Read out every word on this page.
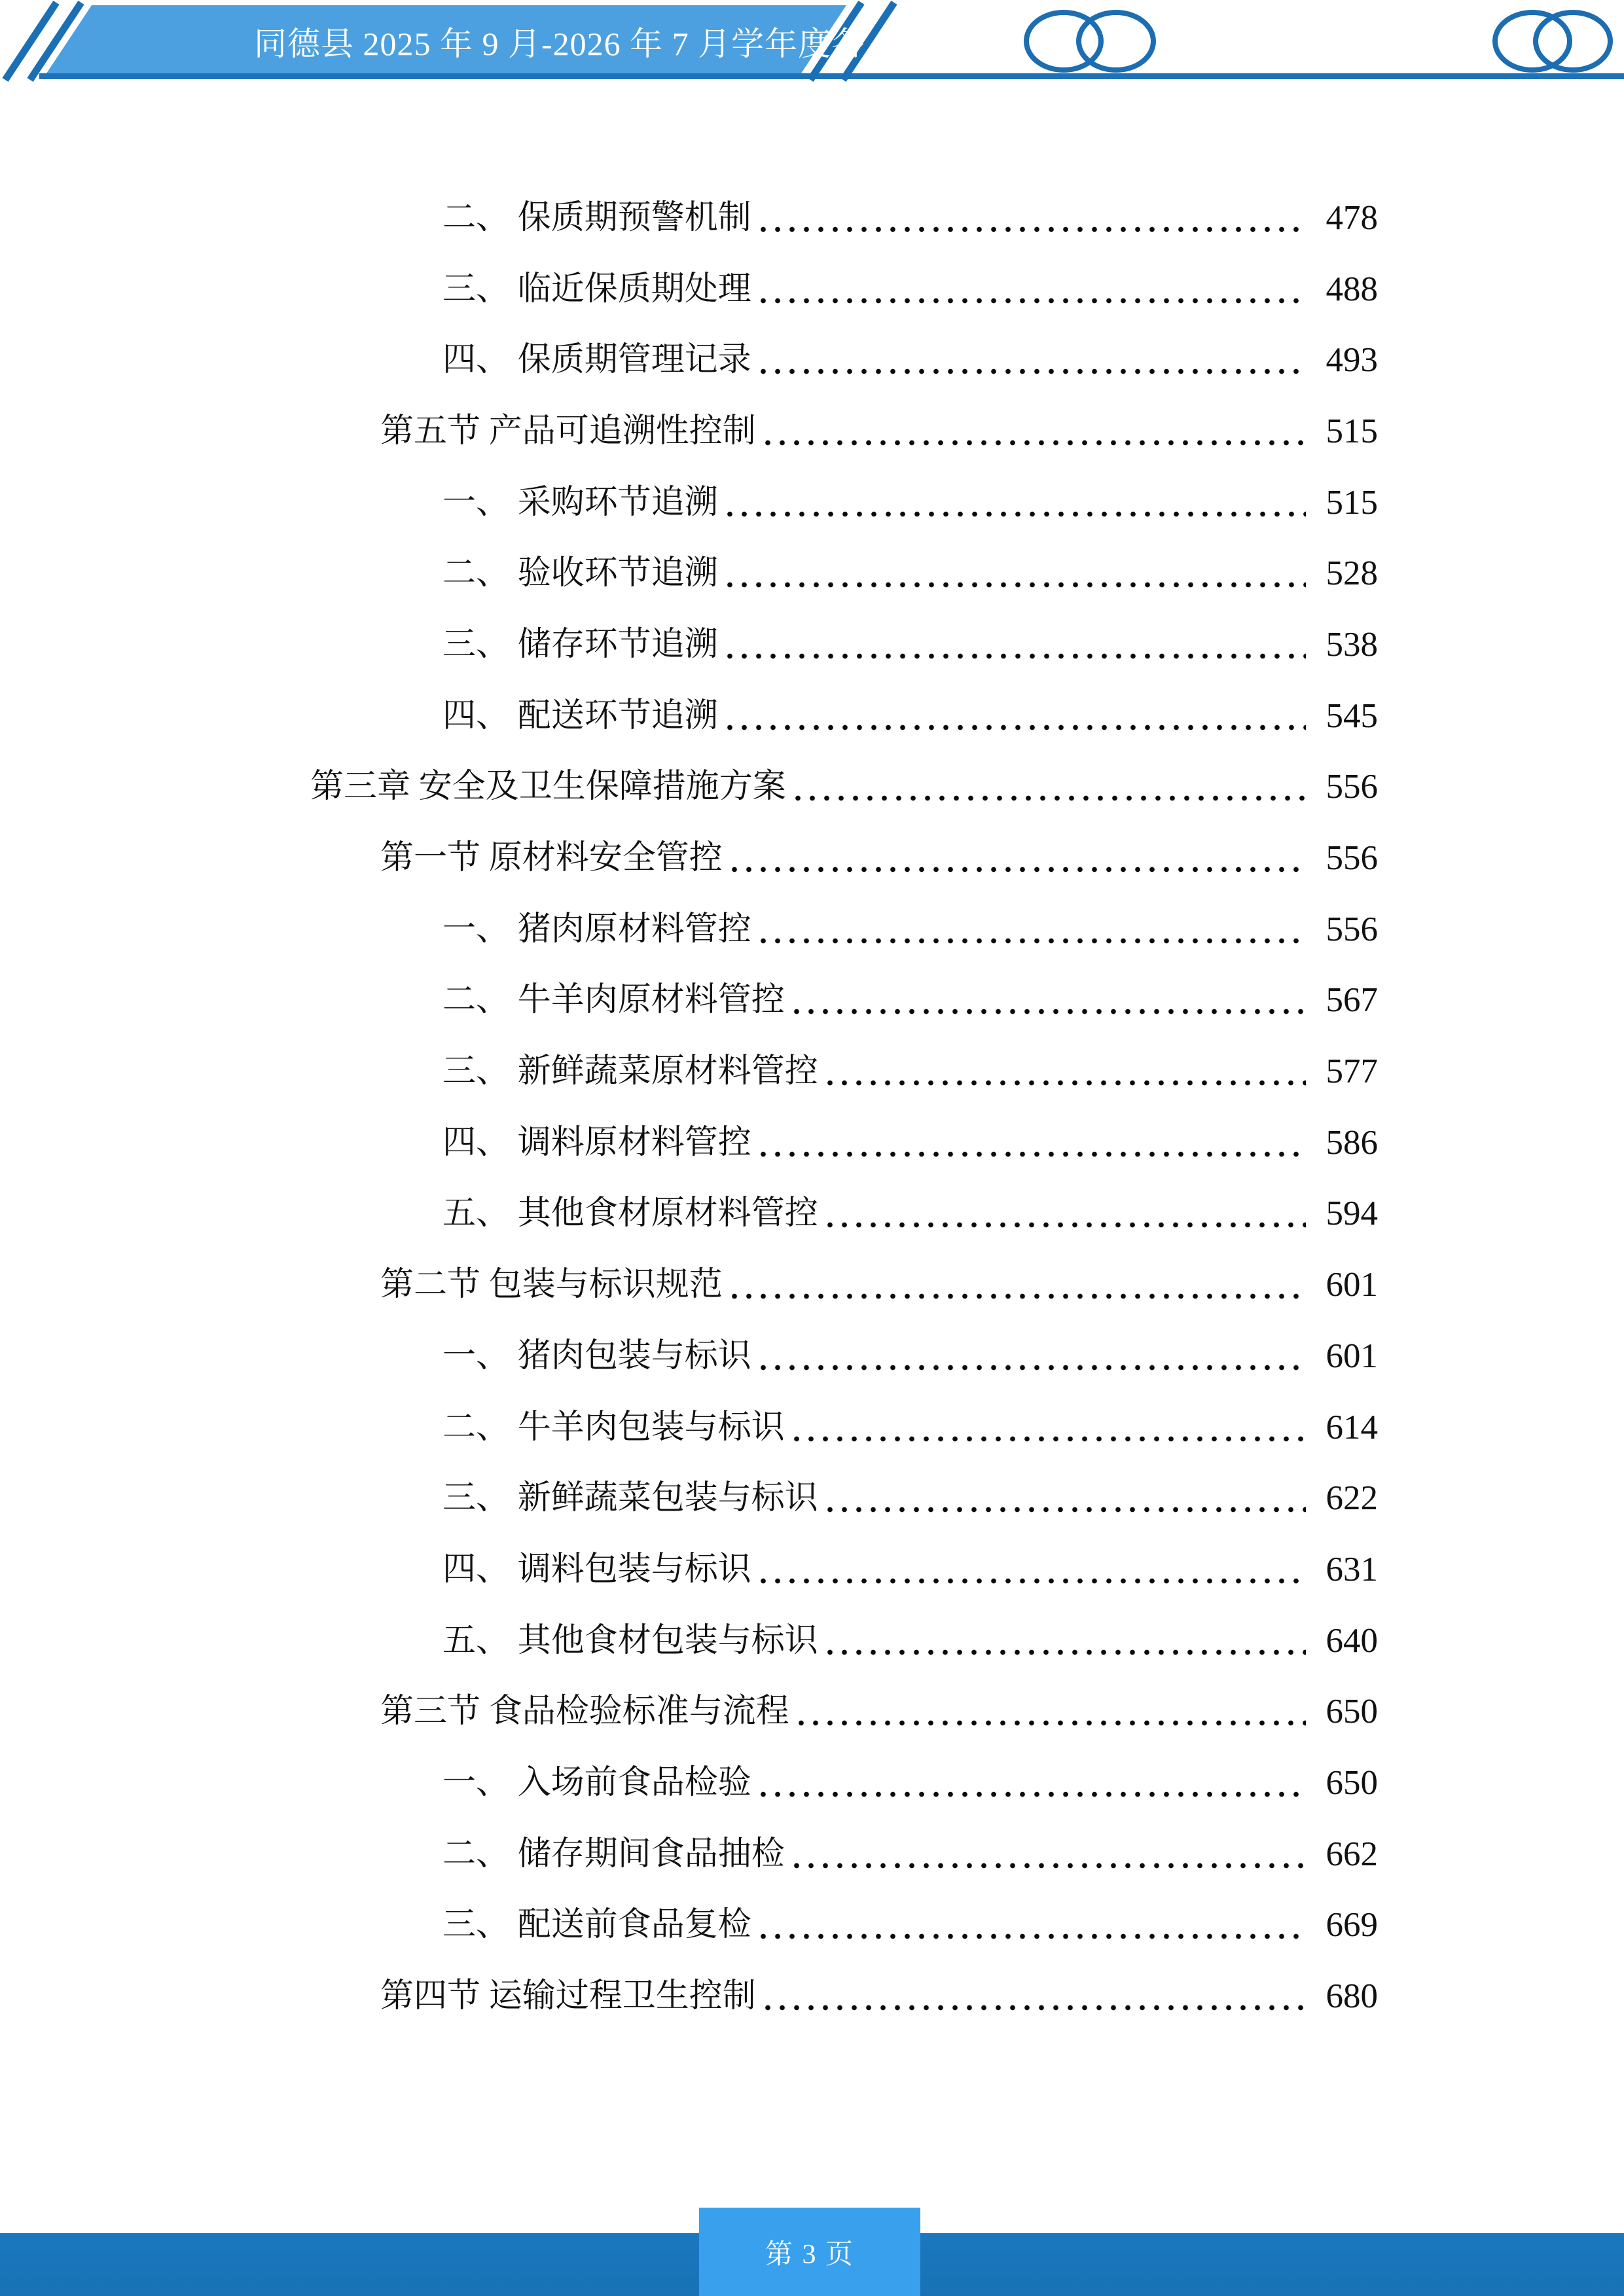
同德县 2025 年 9 月-2026 年 7 月学年度各
二、 保质期预警机制	478
三、 临近保质期处理	488
四、 保质期管理记录	493
第五节 产品可追溯性控制	515
一、 采购环节追溯	515
二、 验收环节追溯	528
三、 储存环节追溯	538
四、 配送环节追溯	545
第三章 安全及卫生保障措施方案	556
第一节 原材料安全管控	556
一、 猪肉原材料管控	556
二、 牛羊肉原材料管控	567
三、 新鲜蔬菜原材料管控	577
四、 调料原材料管控	586
五、 其他食材原材料管控	594
第二节 包装与标识规范	601
一、 猪肉包装与标识	601
二、 牛羊肉包装与标识	614
三、 新鲜蔬菜包装与标识	622
四、 调料包装与标识	631
五、 其他食材包装与标识	640
第三节 食品检验标准与流程	650
一、 入场前食品检验	650
二、 储存期间食品抽检	662
三、 配送前食品复检	669
第四节 运输过程卫生控制	680
第 3 页
